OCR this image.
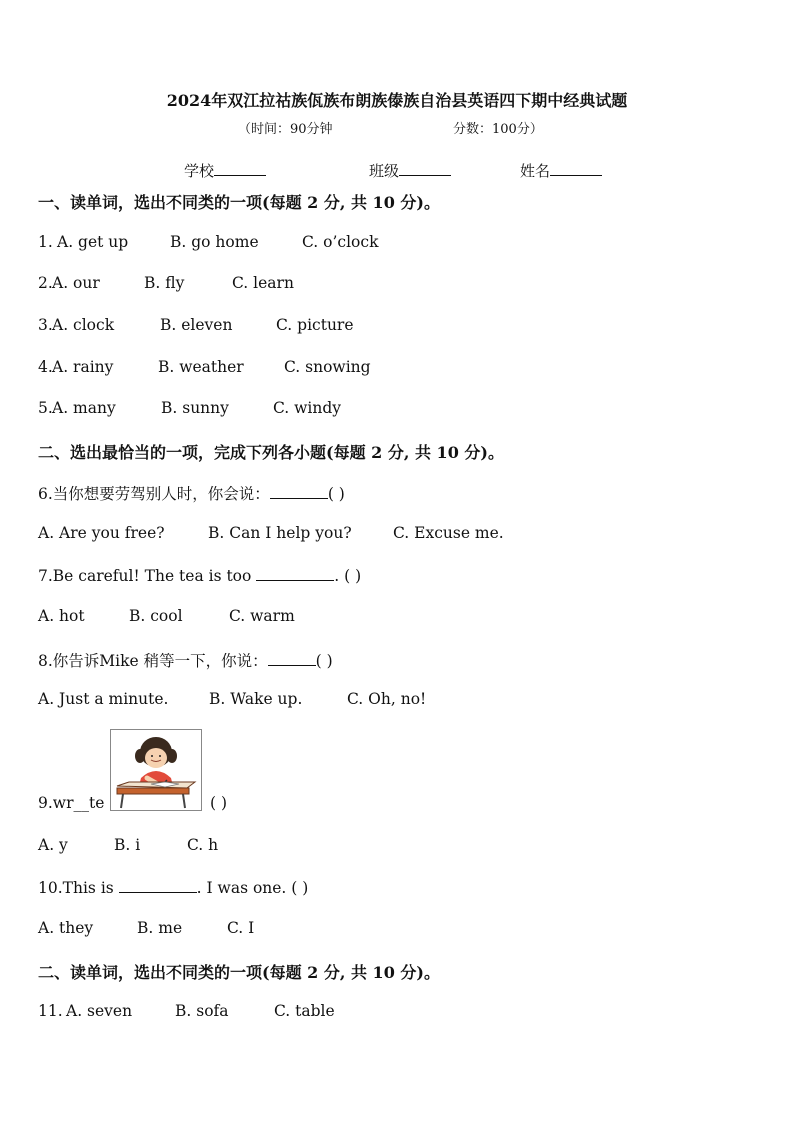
2024年双江拉祜族佤族布朗族傣族自治县英语四下期中经典试题
（时间：90分钟	分数：100分）
学校	班级	姓名
一、读单词，选出不同类的一项(每题 2 分, 共 10 分)。
1. A. get up	B. go home	C. o’clock
2. A. our	B. fly	C. learn
3. A. clock	B. eleven	C. picture
4. A. rainy	B. weather	C. snowing
5. A. many	B. sunny	C. windy
二、选出最恰当的一项，完成下列各小题(每题 2 分, 共 10 分)。
6.当你想要劳驾别人时，你会说：	( )
A. Are you free?	B. Can I help you?	C. Excuse me.
7.Be careful! The tea is too	. ( )
A. hot	B. cool	C. warm
8.你告诉Mike 稍等一下，你说：	( )
A. Just a minute.	B. Wake up.	C. Oh, no!
9.wr__te	( )
A. y	B. i	C. h
10.This is	. I was one. ( )
A. they	B. me	C. I
二、读单词，选出不同类的一项(每题 2 分, 共 10 分)。
11. A. seven	B. sofa	C. table
